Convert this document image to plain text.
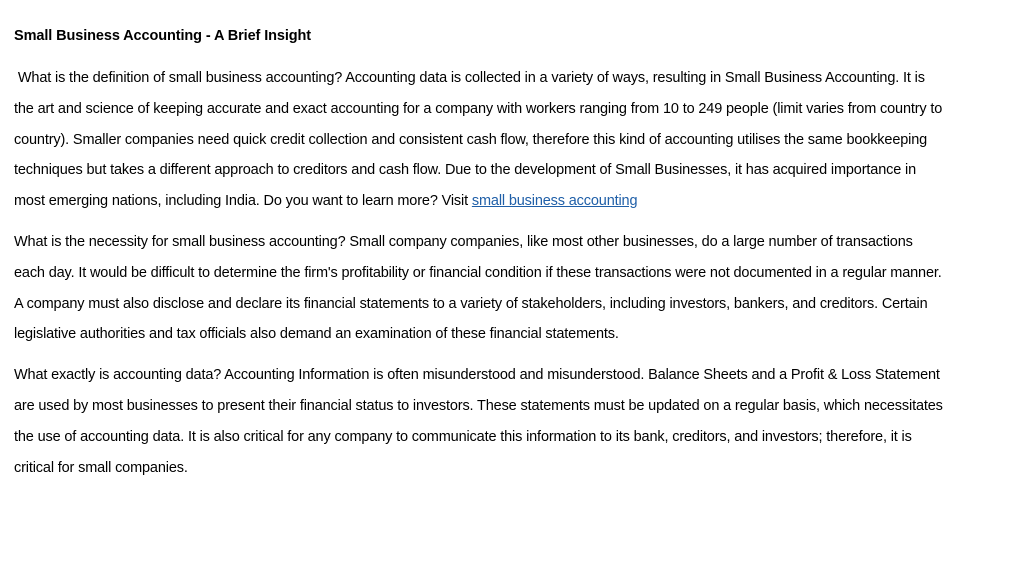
Small Business Accounting - A Brief Insight

What is the definition of small business accounting? Accounting data is collected in a variety of ways, resulting in Small Business Accounting. It is the art and science of keeping accurate and exact accounting for a company with workers ranging from 10 to 249 people (limit varies from country to country). Smaller companies need quick credit collection and consistent cash flow, therefore this kind of accounting utilises the same bookkeeping techniques but takes a different approach to creditors and cash flow. Due to the development of Small Businesses, it has acquired importance in most emerging nations, including India. Do you want to learn more? Visit small business accounting

What is the necessity for small business accounting? Small company companies, like most other businesses, do a large number of transactions each day. It would be difficult to determine the firm's profitability or financial condition if these transactions were not documented in a regular manner. A company must also disclose and declare its financial statements to a variety of stakeholders, including investors, bankers, and creditors. Certain legislative authorities and tax officials also demand an examination of these financial statements.

What exactly is accounting data? Accounting Information is often misunderstood and misunderstood. Balance Sheets and a Profit & Loss Statement are used by most businesses to present their financial status to investors. These statements must be updated on a regular basis, which necessitates the use of accounting data. It is also critical for any company to communicate this information to its bank, creditors, and investors; therefore, it is critical for small companies.
